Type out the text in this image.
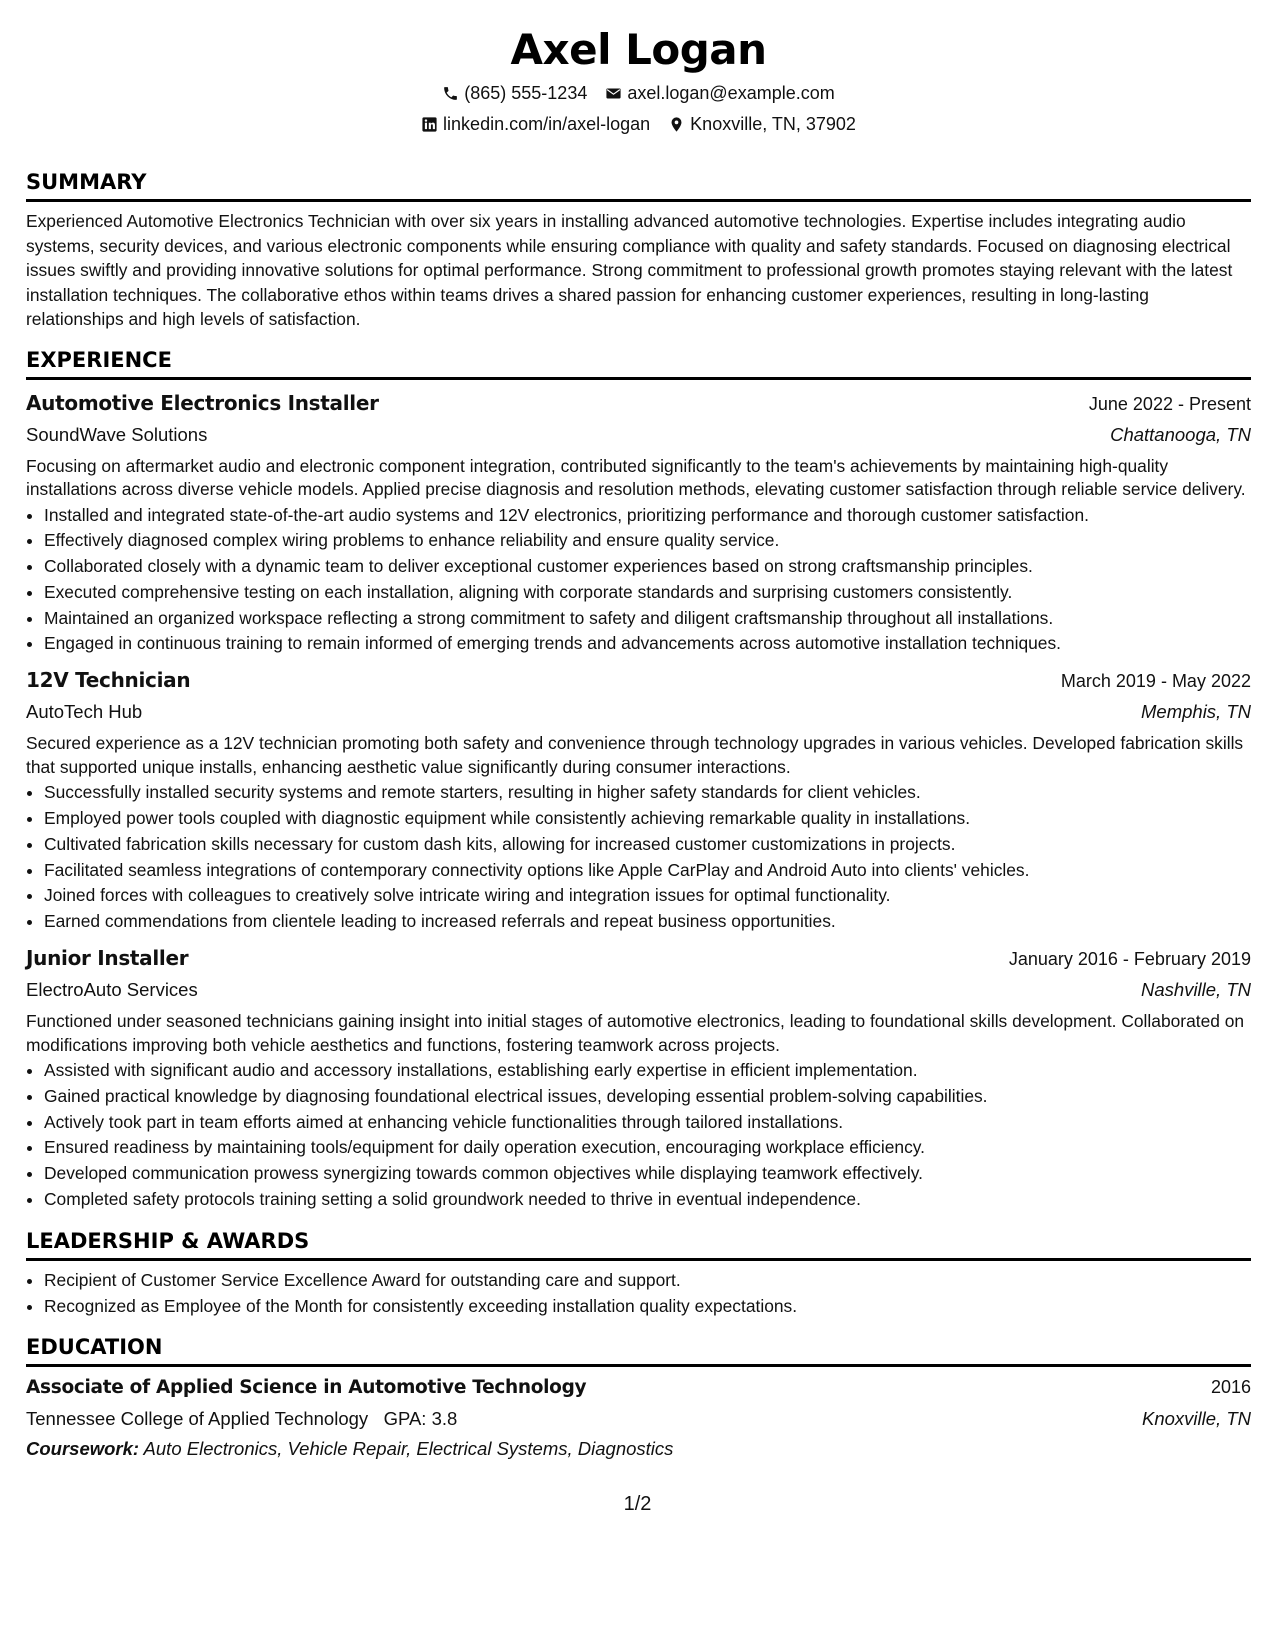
Axel Logan
(865) 555-1234 axel.logan@example.com
linkedin.com/in/axel-logan Knoxville, TN, 37902
SUMMARY

Experienced Automotive Electronics Technician with over six years in installing advanced automotive technologies. Expertise includes integrating audio systems, security devices, and various electronic components while ensuring compliance with quality and safety standards. Focused on diagnosing electrical issues swiftly and providing innovative solutions for optimal performance. Strong commitment to professional growth promotes staying relevant with the latest installation techniques. The collaborative ethos within teams drives a shared passion for enhancing customer experiences, resulting in long-lasting relationships and high levels of satisfaction.

EXPERIENCE
Automotive Electronics Installer	June 2022 - Present
SoundWave Solutions	Chattanooga, TN
Focusing on aftermarket audio and electronic component integration, contributed significantly to the team's achievements by maintaining high-quality installations across diverse vehicle models. Applied precise diagnosis and resolution methods, elevating customer satisfaction through reliable service delivery.
• Installed and integrated state-of-the-art audio systems and 12V electronics, prioritizing performance and thorough customer satisfaction.
• Effectively diagnosed complex wiring problems to enhance reliability and ensure quality service.
• Collaborated closely with a dynamic team to deliver exceptional customer experiences based on strong craftsmanship principles.
• Executed comprehensive testing on each installation, aligning with corporate standards and surprising customers consistently.
• Maintained an organized workspace reflecting a strong commitment to safety and diligent craftsmanship throughout all installations.
• Engaged in continuous training to remain informed of emerging trends and advancements across automotive installation techniques.
12V Technician	March 2019 - May 2022
AutoTech Hub	Memphis, TN
Secured experience as a 12V technician promoting both safety and convenience through technology upgrades in various vehicles. Developed fabrication skills that supported unique installs, enhancing aesthetic value significantly during consumer interactions.
• Successfully installed security systems and remote starters, resulting in higher safety standards for client vehicles.
• Employed power tools coupled with diagnostic equipment while consistently achieving remarkable quality in installations.
• Cultivated fabrication skills necessary for custom dash kits, allowing for increased customer customizations in projects.
• Facilitated seamless integrations of contemporary connectivity options like Apple CarPlay and Android Auto into clients' vehicles.
• Joined forces with colleagues to creatively solve intricate wiring and integration issues for optimal functionality.
• Earned commendations from clientele leading to increased referrals and repeat business opportunities.
Junior Installer	January 2016 - February 2019
ElectroAuto Services	Nashville, TN
Functioned under seasoned technicians gaining insight into initial stages of automotive electronics, leading to foundational skills development. Collaborated on modifications improving both vehicle aesthetics and functions, fostering teamwork across projects.
• Assisted with significant audio and accessory installations, establishing early expertise in efficient implementation.
• Gained practical knowledge by diagnosing foundational electrical issues, developing essential problem-solving capabilities.
• Actively took part in team efforts aimed at enhancing vehicle functionalities through tailored installations.
• Ensured readiness by maintaining tools/equipment for daily operation execution, encouraging workplace efficiency.
• Developed communication prowess synergizing towards common objectives while displaying teamwork effectively.
• Completed safety protocols training setting a solid groundwork needed to thrive in eventual independence.
LEADERSHIP & AWARDS
• Recipient of Customer Service Excellence Award for outstanding care and support.
• Recognized as Employee of the Month for consistently exceeding installation quality expectations.
EDUCATION
Associate of Applied Science in Automotive Technology	2016
Tennessee College of Applied Technology GPA: 3.8	Knoxville, TN
Coursework: Auto Electronics, Vehicle Repair, Electrical Systems, Diagnostics
1/2
